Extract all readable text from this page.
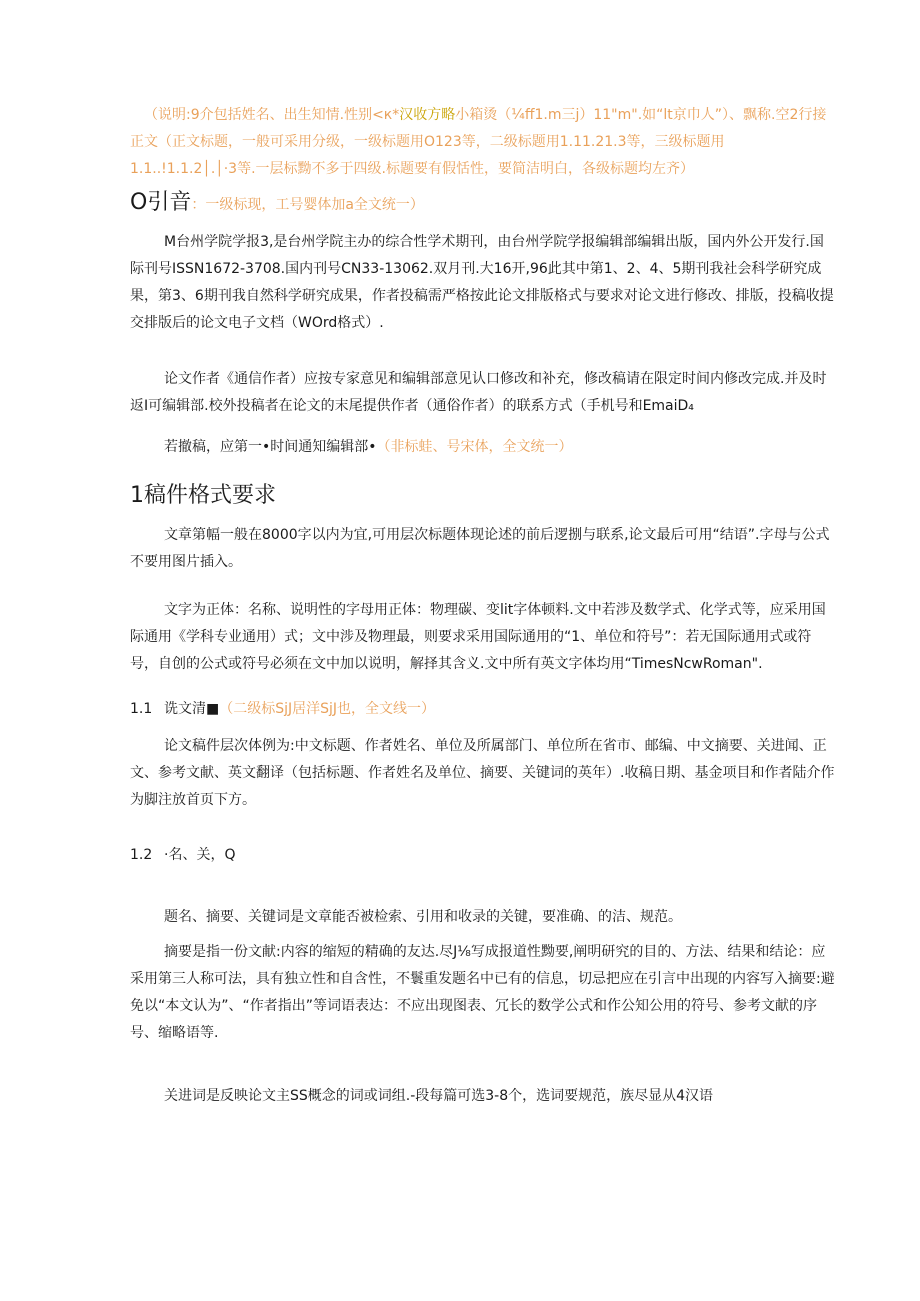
（说明:9介包括姓名、出生知情.性别<к*汉收方略小箱烫（¼ff1.m三j）11"m".如“lt京巾人”）、飘称.空2行接正文（正文标题，一般可采用分级，一级标题用O123等，二级标题用1.11.21.3等，三级标题用1.1..!1.1.2│.│·3等.一层标黝不多于四级.标题要有假恬性，要简洁明白，各级标题均左齐）

O引音：一级标现，工号婴体加a全文统一）

M台州学院学报3,是台州学院主办的综合性学术期刊，由台州学院学报编辑部编辑出版，国内外公开发行.国际刊号ISSN1672-3708.国内刊号CN33-13062.双月刊.大16开,96此其中第1、2、4、5期刊我社会科学研究成果，第3、6期刊我自然科学研究成果，作者投稿需严格按此论文排版格式与要求对论文进行修改、排版，投稿收提交排版后的论文电子文档（WOrd格式）.

论文作者《通信作者）应按专家意见和编辑部意见认口修改和补充，修改稿请在限定时间内修改完成.并及时返I可编辑部.校外投稿者在论文的末尾提供作者（通俗作者）的联系方式（手机号和EmaiD₄

若撤稿，应第一•时间通知编辑部•（非标蛙、号宋体，全文统一）

1稿件格式要求

文章第幅一般在8000字以内为宜,可用层次标题体现论述的前后逻捌与联系,论文最后可用“结语”.字母与公式不要用图片插入。

文字为正体：名称、说明性的字母用正体：物理碳、变lit字体顿料.文中若涉及数学式、化学式等，应采用国际通用《学科专业通用）式；文中涉及物理最，则要求采用国际通用的“1、单位和符号”：若无国际通用式或符号，自创的公式或符号必须在文中加以说明，解择其含义.文中所有英文字体均用“TimesNcwRoman".

1.1 诜文清■（二级标SjJ居洋SjJ也，全文线一）

论文稿件层次体例为:中文标题、作者姓名、单位及所属部门、单位所在省市、邮编、中文摘要、关进闻、正文、参考文献、英文翻译（包括标题、作者姓名及单位、摘要、关键词的英年）.收稿日期、基金项目和作者陆介作为脚注放首页下方。

1.2 ·名、关，Q

题名、摘要、关键词是文章能否被检索、引用和收录的关键，要准确、的洁、规范。

摘要是指一份文献:内容的缩短的精确的友达.尽J⅛写成报道性黝要,阐明研究的目的、方法、结果和结论：应采用第三人称可法，具有独立性和自含性，不鬟重发题名中已有的信息，切忌把应在引言中出现的内容写入摘要:避免以“本文认为”、“作者指出”等词语表达：不应出现图表、冗长的数学公式和作公知公用的符号、参考文献的序号、缩略语等.

关进词是反映论文主SS概念的词或词组.-段每篇可选3-8个，选词要规范，族尽显从4汉语
